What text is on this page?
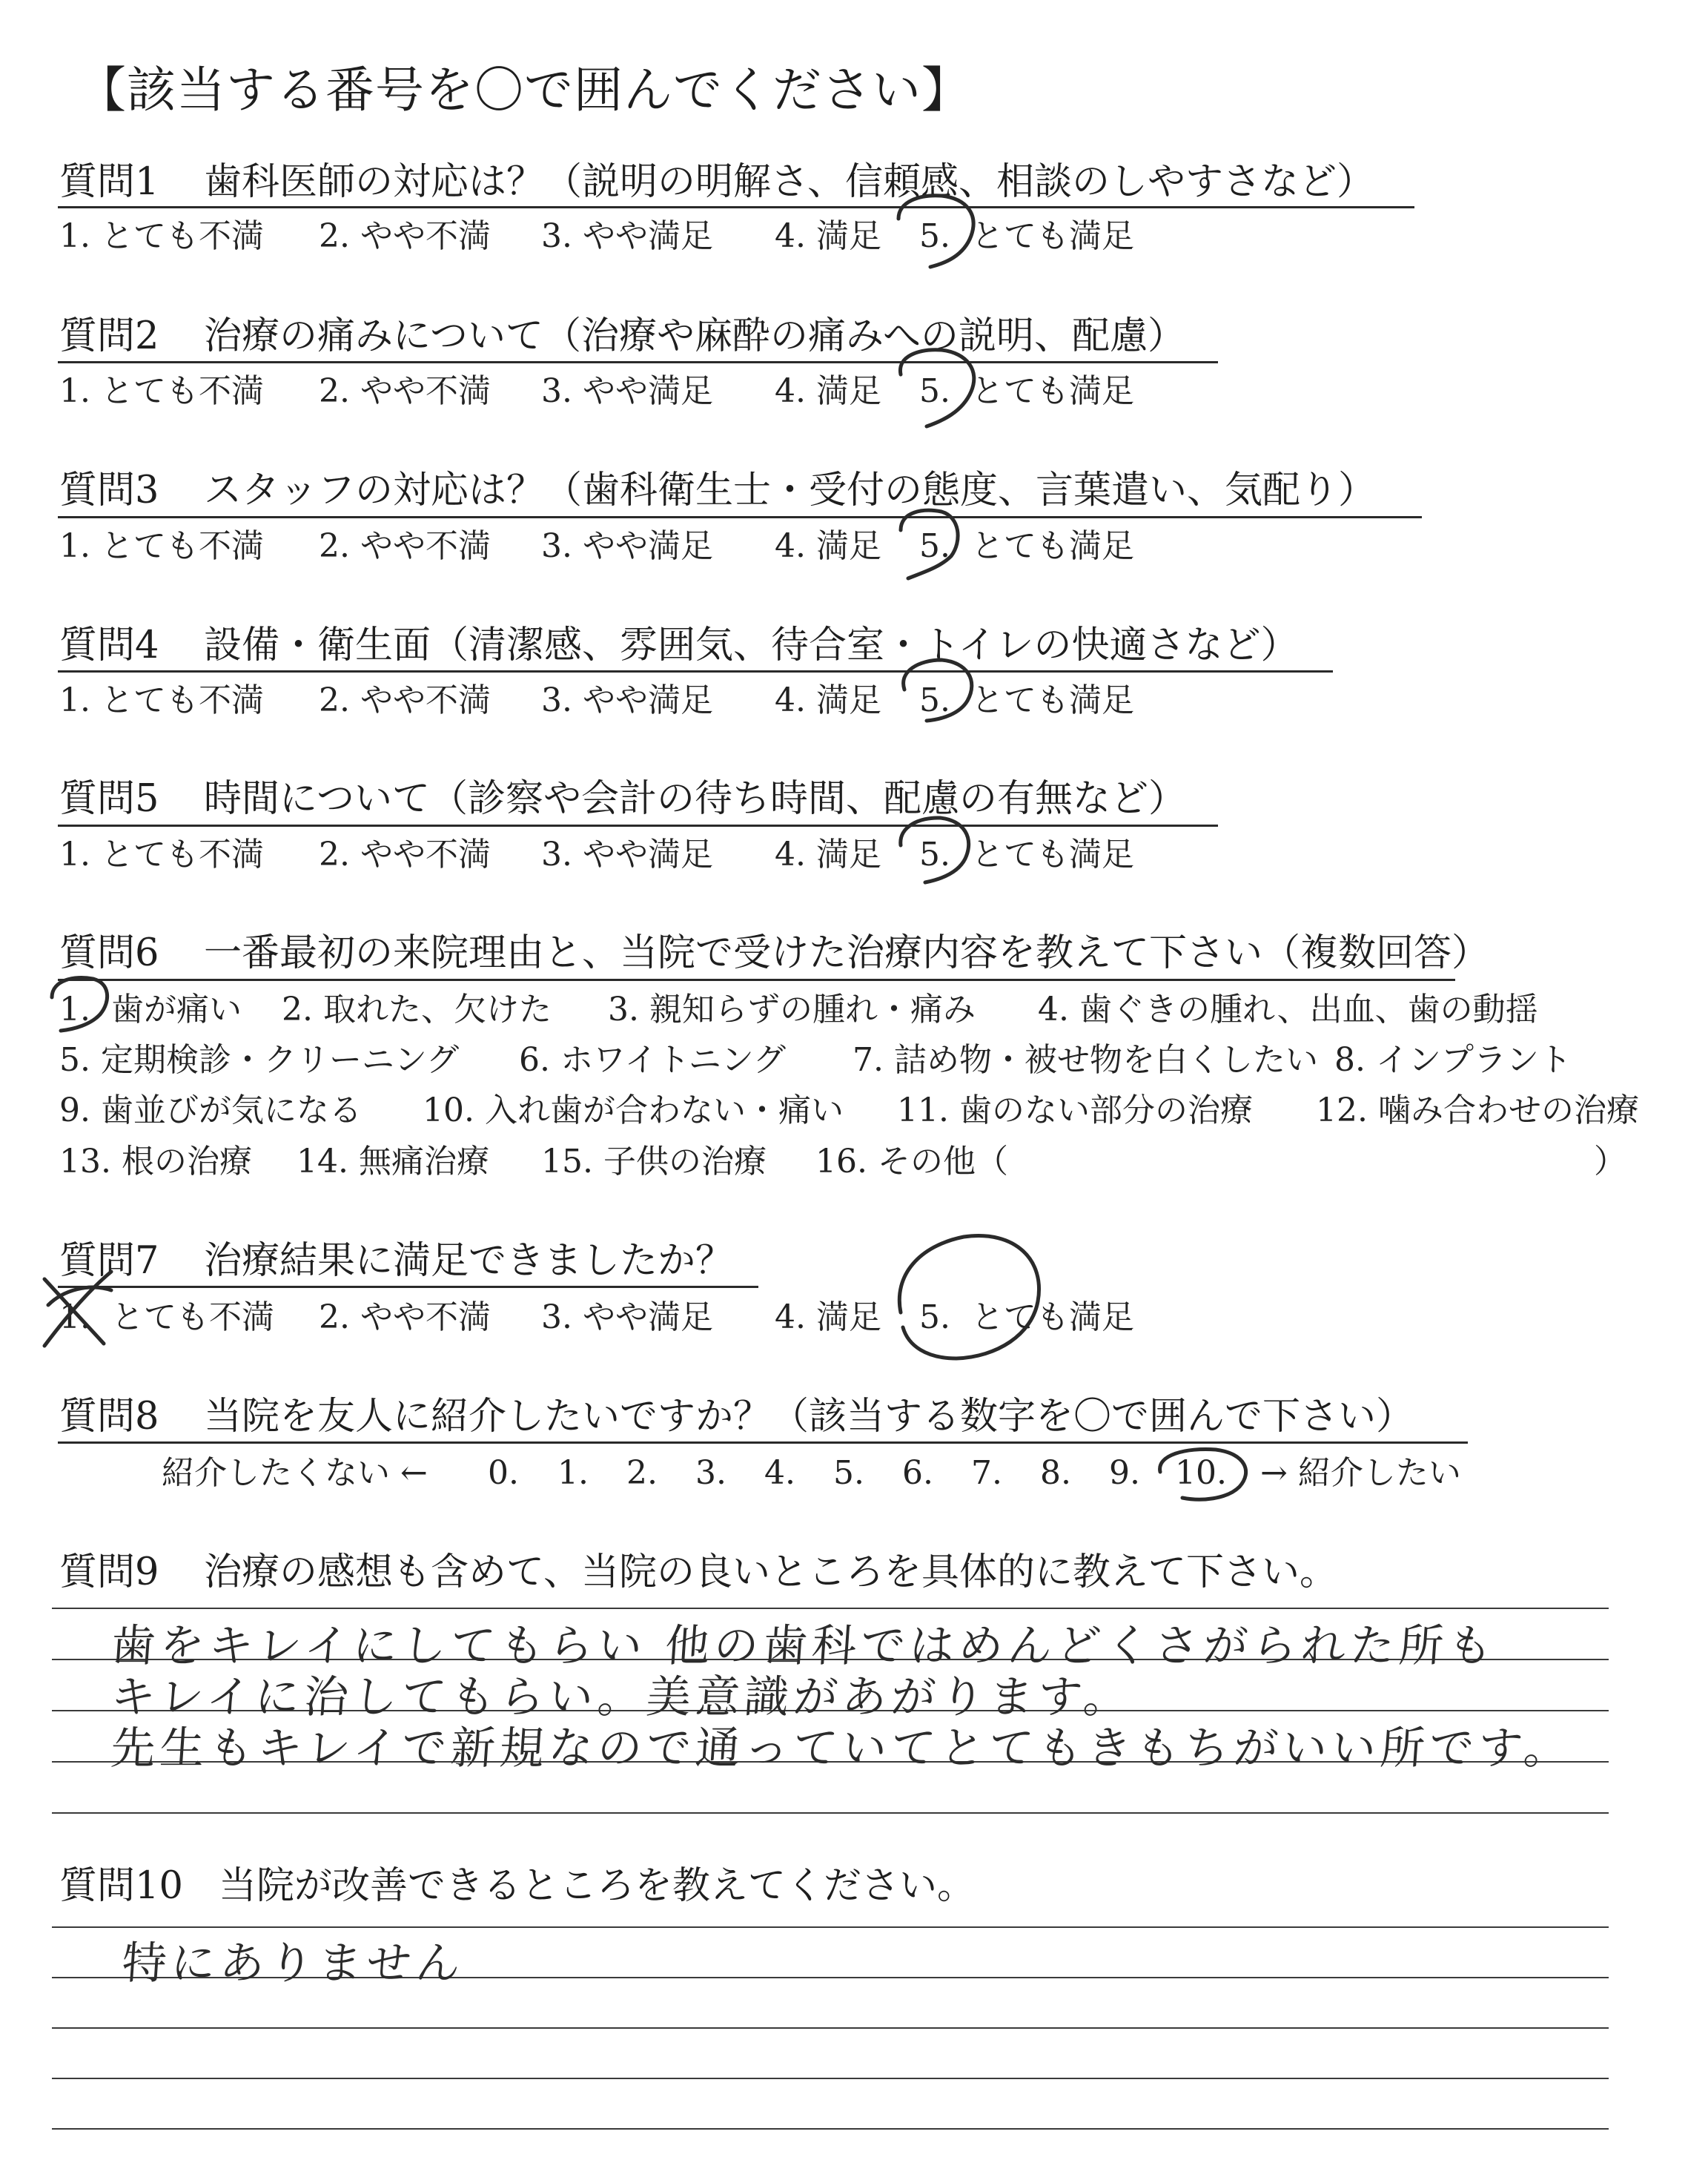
【該当する番号を〇で囲んでください】
質問1 歯科医師の対応は？（説明の明解さ、信頼感、相談のしやすさなど）
1. とても不満 2. やや不満 3. やや満足 4. 満足 5. とても満足
質問2 治療の痛みについて（治療や麻酔の痛みへの説明、配慮）
1. とても不満 2. やや不満 3. やや満足 4. 満足 5. とても満足
質問3 スタッフの対応は？（歯科衛生士・受付の態度、言葉遣い、気配り）
1. とても不満 2. やや不満 3. やや満足 4. 満足 5. とても満足
質問4 設備・衛生面（清潔感、雰囲気、待合室・トイレの快適さなど）
1. とても不満 2. やや不満 3. やや満足 4. 満足 5. とても満足
質問5 時間について（診察や会計の待ち時間、配慮の有無など）
1. とても不満 2. やや不満 3. やや満足 4. 満足 5. とても満足
質問6 一番最初の来院理由と、当院で受けた治療内容を教えて下さい（複数回答）
1. 歯が痛い 2. 取れた、欠けた 3. 親知らずの腫れ・痛み 4. 歯ぐきの腫れ、出血、歯の動揺
5. 定期検診・クリーニング 6. ホワイトニング 7. 詰め物・被せ物を白くしたい 8. インプラント
9. 歯並びが気になる 10. 入れ歯が合わない・痛い 11. 歯のない部分の治療 12. 噛み合わせの治療
13. 根の治療 14. 無痛治療 15. 子供の治療 16. その他（	）
質問7 治療結果に満足できましたか？
1. とても不満 2. やや不満 3. やや満足 4. 満足 5. とても満足
質問8 当院を友人に紹介したいですか？（該当する数字を〇で囲んで下さい）
紹介したくない ← 0. 1. 2. 3. 4. 5. 6. 7. 8. 9. 10. → 紹介したい
質問9 治療の感想も含めて、当院の良いところを具体的に教えて下さい。
歯をキレイにしてもらい 他の歯科ではめんどくさがられた所も
キレイに治してもらい。美意識があがります。
先生もキレイで新規なので通っていてとてもきもちがいい所です。
質問10 当院が改善できるところを教えてください。
特にありません
